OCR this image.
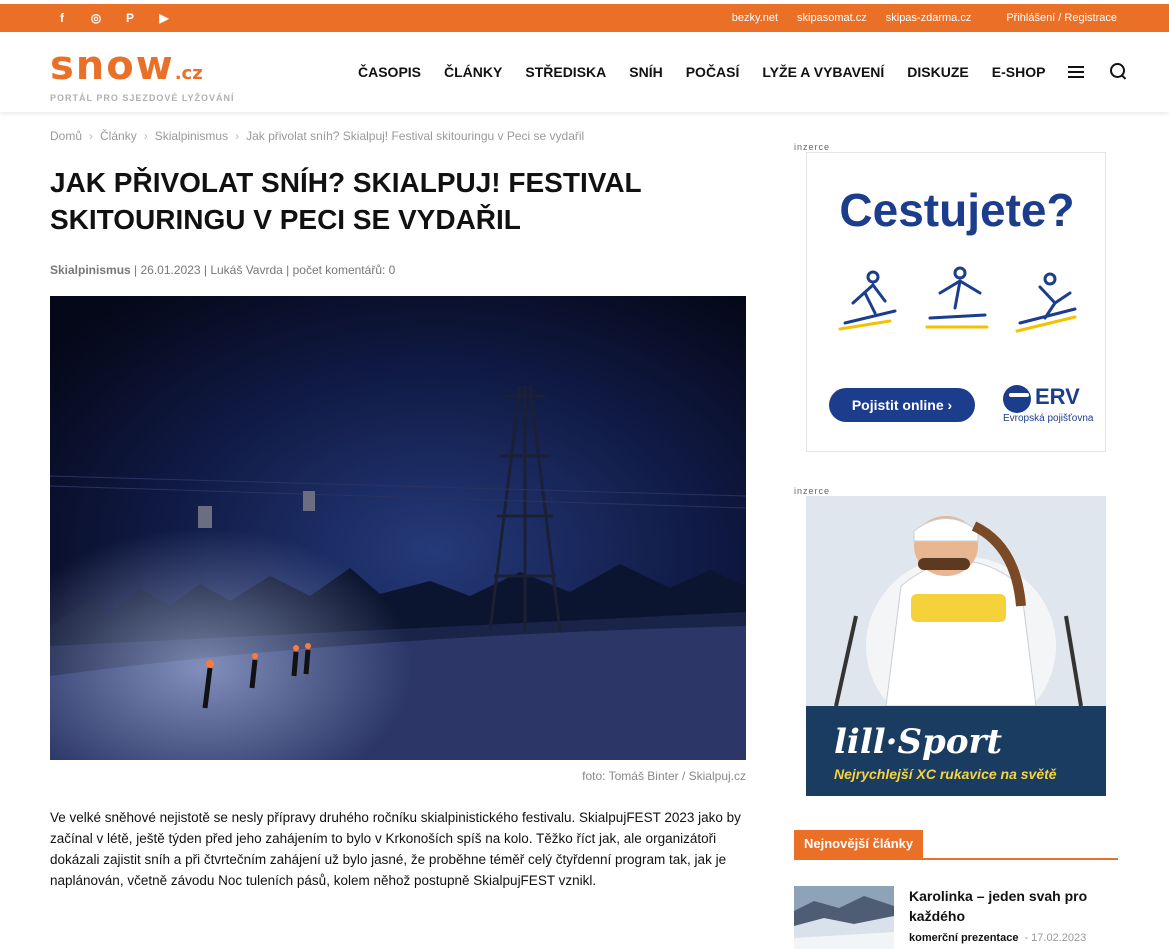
f	◎	P	▶	bezky.net skipasomat.cz skipas-zdarma.cz	Přihlášení / Registrace
snow.cz
PORTÁL PRO SJEZDOVÉ LYŽOVÁNÍ
ČASOPIS ČLÁNKY STŘEDISKA SNÍH POČASÍ LYŽE A VYBAVENÍ DISKUZE E-SHOP
Domů › Články › Skialpinismus › Jak přivolat sníh? Skialpuj! Festival skitouringu v Peci se vydařil
JAK PŘIVOLAT SNÍH? SKIALPUJ! FESTIVAL SKITOURINGU V PECI SE VYDAŘIL
Skialpinismus | 26.01.2023 | Lukáš Vavrda | počet komentářů: 0
foto: Tomáš Binter / Skialpuj.cz

Ve velké sněhové nejistotě se nesly přípravy druhého ročníku skialpinistického festivalu. SkialpujFEST 2023 jako by začínal v létě, ještě týden před jeho zahájením to bylo v Krkonoších spíš na kolo. Těžko říct jak, ale organizátoři dokázali zajistit sníh a při čtvrtečním zahájení už bylo jasné, že proběhne téměř celý čtyřdenní program tak, jak je naplánován, včetně závodu Noc tuleních pásů, kolem něhož postupně SkialpujFEST vznikl.

inzerce
Cestujete?
Pojistit online ›	ERV
Evropská pojišťovna
inzerce
lill·Sport
Nejrychlejší XC rukavice na světě
Nejnovější články
Karolinka – jeden svah pro každého
komerční prezentace - 17.02.2023
